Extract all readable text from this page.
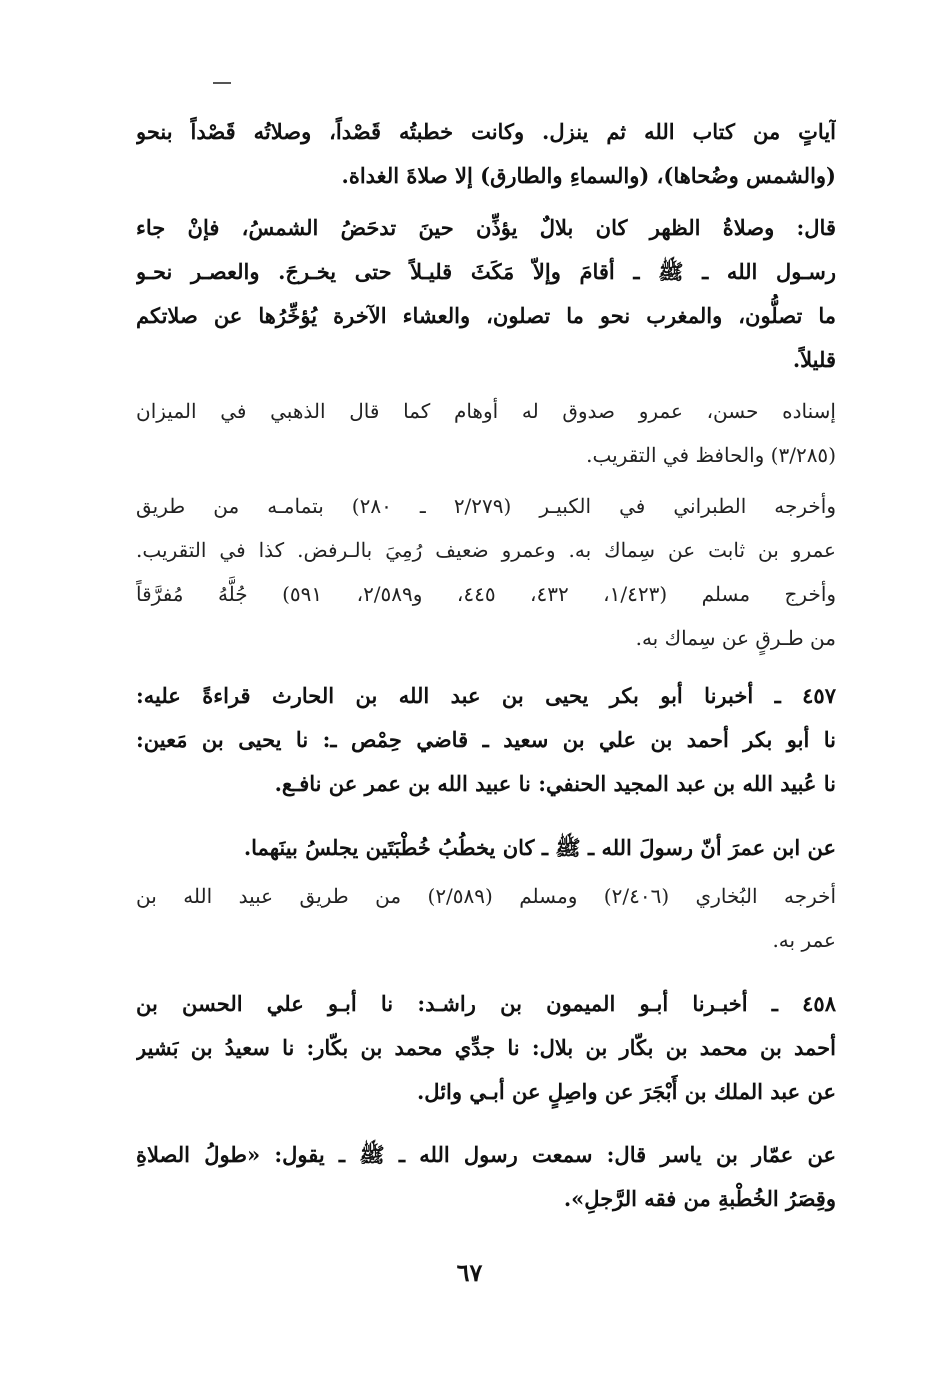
آياتٍ من كتاب الله ثم ينزل. وكانت خطبتُه قَصْداً، وصلاتُه قَصْداً بنحو
(والشمس وضُحاها)، (والسماءِ والطارق) إلا صلاةَ الغداة.
قال: وصلاةُ الظهر كان بلالٌ يؤذِّن حينَ تدحَضُ الشمسُ، فإنْ جاء
رسـول الله ـ ﷺ ـ أقامَ وإلاّ مَكَثَ قليـلاً حتى يخـرجَ. والعصـر نحـو
ما تصلُّون، والمغرب نحو ما تصلون، والعشاء الآخرة يُؤخِّرُها عن صلاتكم
قليلاً.
إسناده حسن، عمرو صدوق له أوهام كما قال الذهبي في الميزان
(٣/٢٨٥) والحافظ في التقريب.
وأخرجه الطبراني في الكبيـر (٢/٢٧٩ ـ ٢٨٠) بتمامـه من طريق
عمرو بن ثابت عن سِماك به. وعمرو ضعيف رُمِيَ بالـرفض. كذا في التقريب.
وأخرج مسلم (١/٤٢٣، ٤٣٢، ٤٤٥، و٢/٥٨٩، ٥٩١) جُلَّهُ مُفرَّقاً
من طـرقٍ عن سِماك به.
٤٥٧ ـ أخبرنا أبو بكر يحيى بن عبد الله بن الحارث قراءةً عليه:
نا أبو بكر أحمد بن علي بن سعيد ـ قاضي حِمْص ـ: نا يحيى بن مَعين:
نا عُبيد الله بن عبد المجيد الحنفي: نا عبيد الله بن عمر عن نافـع.
عن ابن عمرَ أنّ رسولَ الله ـ ﷺ ـ كان يخطُبُ خُطْبَتَين يجلسُ بينَهما.
أخرجه البُخاري (٢/٤٠٦) ومسلم (٢/٥٨٩) من طريق عبيد الله بن
عمر به.
٤٥٨ ـ أخبـرنا أبـو الميمون بن راشـد: نا أبـو علي الحسن بن
أحمد بن محمد بن بكّار بن بلال: نا جدِّي محمد بن بكّار: نا سعيدُ بن بَشير
عن عبد الملك بن أَبْجَرَ عن واصِلٍ عن أبـي وائل.
عن عمّار بن ياسر قال: سمعت رسول الله ـ ﷺ ـ يقول: «طولُ الصلاةِ
وقِصَرُ الخُطْبةِ من فقه الرَّجلِ».
٦٧
